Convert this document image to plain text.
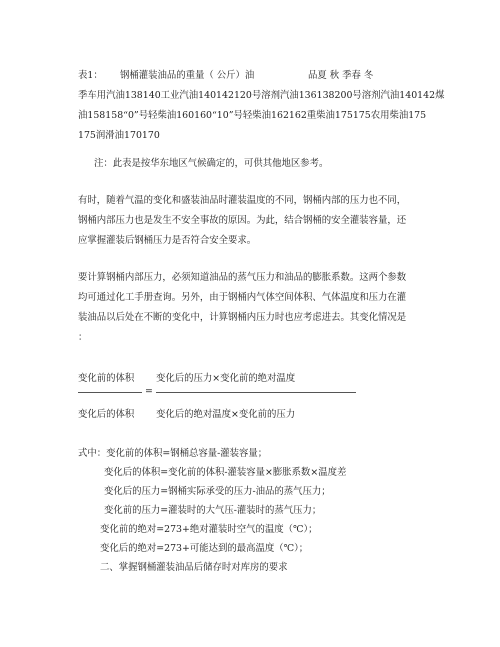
表1： 钢桶灌装油品的重量（ 公斤）油	品夏 秋 季春 冬
季车用汽油138140工业汽油140142120号溶剂汽油136138200号溶剂汽油140142煤
油158158“0”号轻柴油160160“10”号轻柴油162162重柴油175175农用柴油175
175润滑油170170
注：此表是按华东地区气候确定的，可供其他地区参考。
有时，随着气温的变化和盛装油品时灌装温度的不同，钢桶内部的压力也不同，
钢桶内部压力也是发生不安全事故的原因。为此，结合钢桶的安全灌装容量，还
应掌握灌装后钢桶压力是否符合安全要求。
要计算钢桶内部压力，必须知道油品的蒸气压力和油品的膨胀系数。这两个参数
均可通过化工手册查询。另外，由于钢桶内气体空间体积、气体温度和压力在灌
装油品以后处在不断的变化中，计算钢桶内压力时也应考虑进去。其变化情况是
：
变化前的体积 变化后的压力×变化前的绝对温度
=
变化后的体积 变化后的绝对温度×变化前的压力
式中：变化前的体积=钢桶总容量-灌装容量；
变化后的体积=变化前的体积-灌装容量×膨胀系数×温度差
变化后的压力=钢桶实际承受的压力-油品的蒸气压力；
变化前的压力=灌装时的大气压-灌装时的蒸气压力；
变化前的绝对=273+绝对灌装时空气的温度（℃）；
变化后的绝对=273+可能达到的最高温度（℃）；
二、掌握钢桶灌装油品后储存时对库房的要求
